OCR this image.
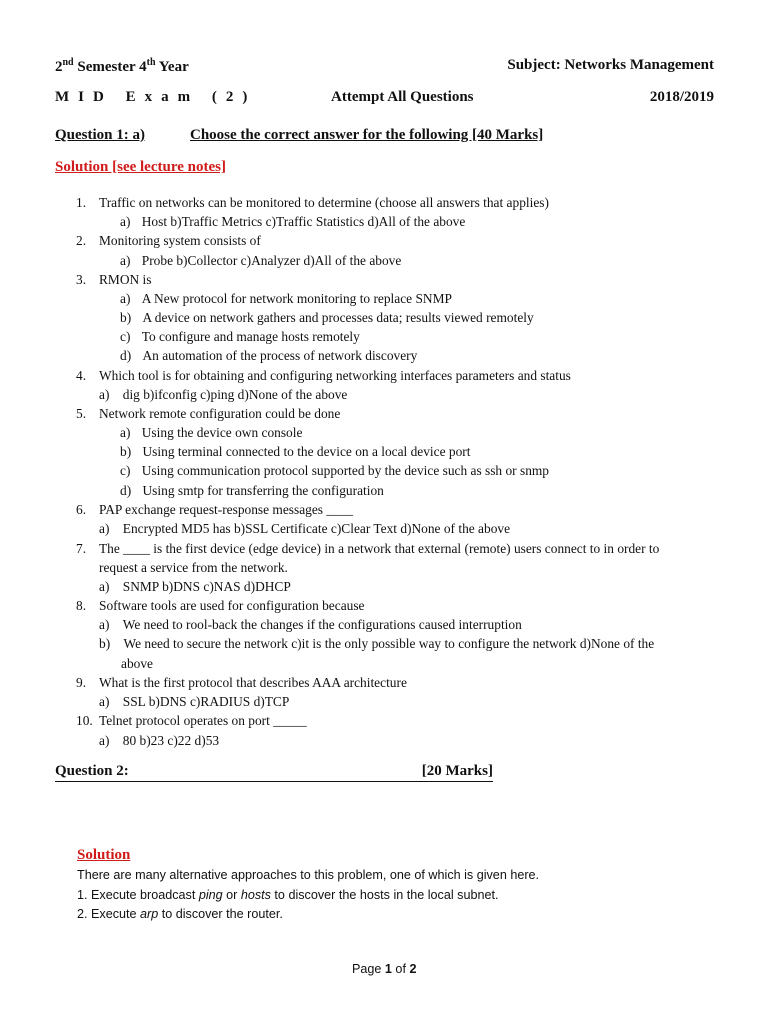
2nd Semester 4th Year	Subject: Networks Management
MID Exam (2)	Attempt All Questions	2018/2019
Question 1: a)	Choose the correct answer for the following [40 Marks]
Solution [see lecture notes]
1. Traffic on networks can be monitored to determine (choose all answers that applies)
a) Host b)Traffic Metrics c)Traffic Statistics d)All of the above
2. Monitoring system consists of
a) Probe b)Collector c)Analyzer d)All of the above
3. RMON is
a) A New protocol for network monitoring to replace SNMP
b) A device on network gathers and processes data; results viewed remotely
c) To configure and manage hosts remotely
d) An automation of the process of network discovery
4. Which tool is for obtaining and configuring networking interfaces parameters and status
a) dig b)ifconfig c)ping d)None of the above
5. Network remote configuration could be done
a) Using the device own console
b) Using terminal connected to the device on a local device port
c) Using communication protocol supported by the device such as ssh or snmp
d) Using smtp for transferring the configuration
6. PAP exchange request-response messages ____
a) Encrypted MD5 has b)SSL Certificate c)Clear Text d)None of the above
7. The ____ is the first device (edge device) in a network that external (remote) users connect to in order to
request a service from the network.
a) SNMP b)DNS c)NAS d)DHCP
8. Software tools are used for configuration because
a) We need to rool-back the changes if the configurations caused interruption
b) We need to secure the network c)it is the only possible way to configure the network d)None of the
above
9. What is the first protocol that describes AAA architecture
a) SSL b)DNS c)RADIUS d)TCP
10. Telnet protocol operates on port _____
a) 80 b)23 c)22 d)53
Question 2:	[20 Marks]
Solution
There are many alternative approaches to this problem, one of which is given here.
1. Execute broadcast ping or hosts to discover the hosts in the local subnet.
2. Execute arp to discover the router.
Page 1 of 2
